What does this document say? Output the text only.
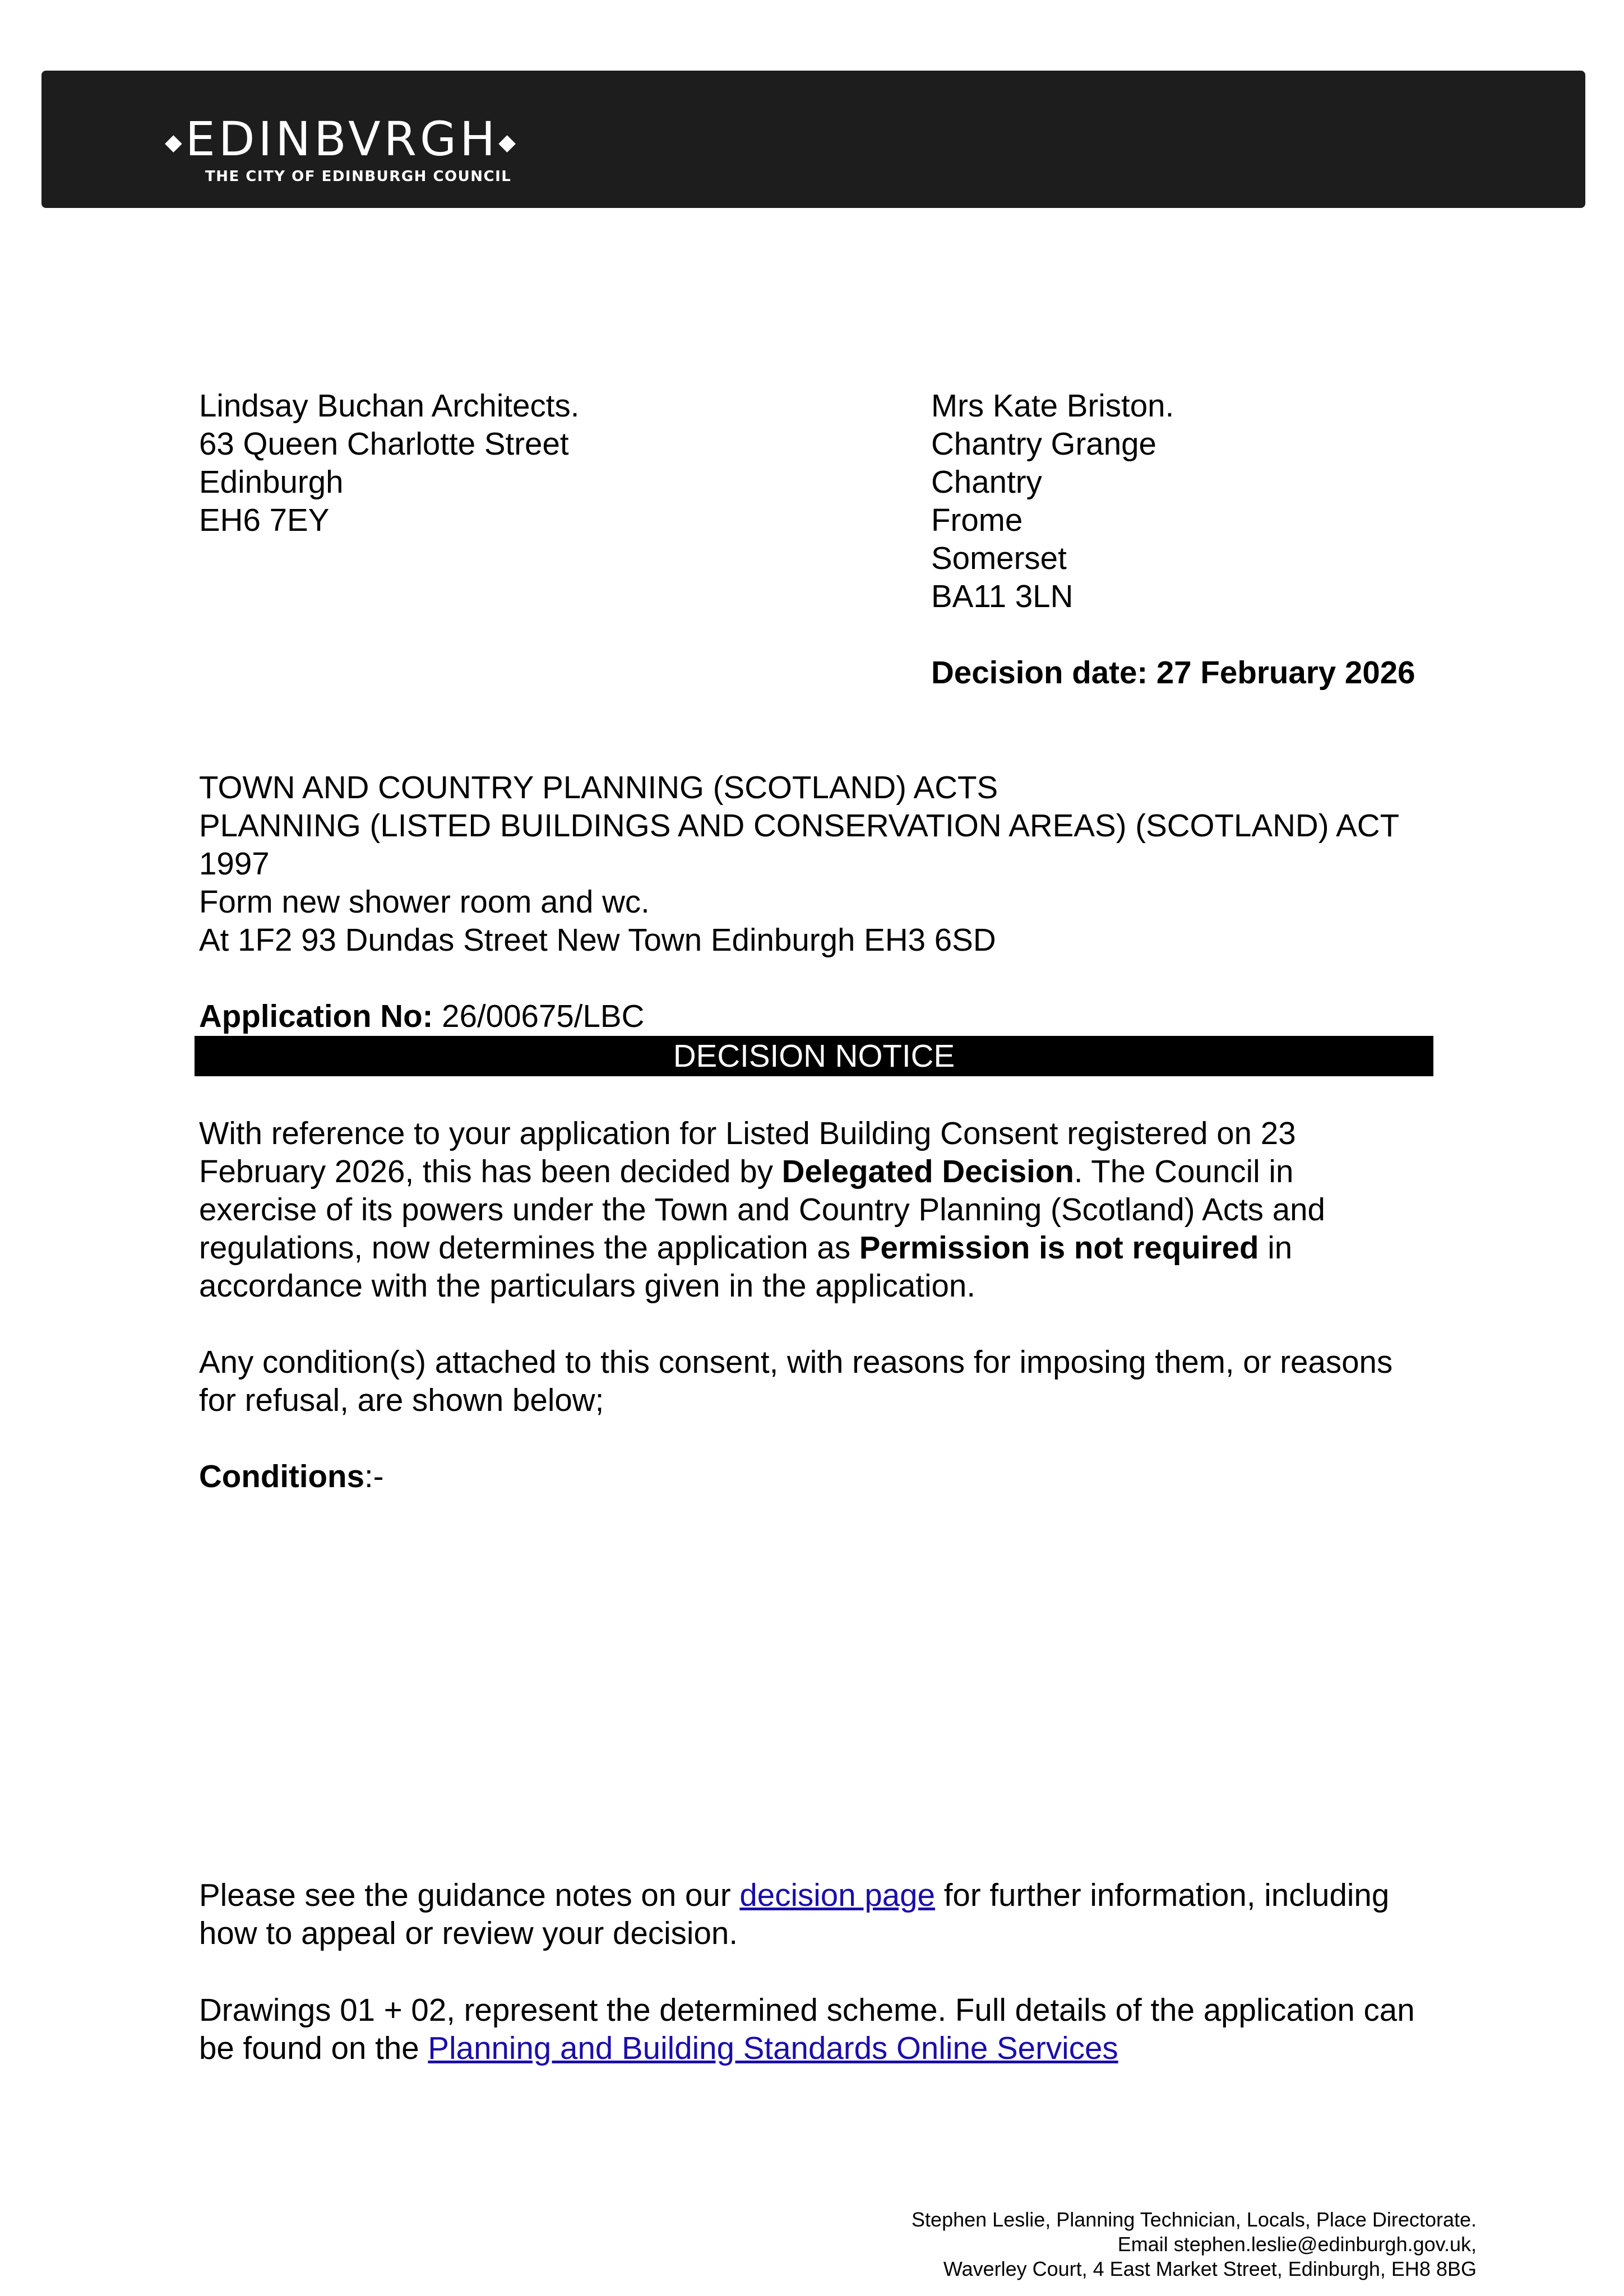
◆EDINBVRGH◆
THE CITY OF EDINBURGH COUNCIL
Lindsay Buchan Architects.
63 Queen Charlotte Street
Edinburgh
EH6 7EY
Mrs Kate Briston.
Chantry Grange
Chantry
Frome
Somerset
BA11 3LN
Decision date: 27 February 2026
TOWN AND COUNTRY PLANNING (SCOTLAND) ACTS
PLANNING (LISTED BUILDINGS AND CONSERVATION AREAS) (SCOTLAND) ACT
1997
Form new shower room and wc.
At 1F2 93 Dundas Street New Town Edinburgh EH3 6SD
Application No: 26/00675/LBC
DECISION NOTICE
With reference to your application for Listed Building Consent registered on 23
February 2026, this has been decided by Delegated Decision. The Council in
exercise of its powers under the Town and Country Planning (Scotland) Acts and
regulations, now determines the application as Permission is not required in
accordance with the particulars given in the application.
Any condition(s) attached to this consent, with reasons for imposing them, or reasons
for refusal, are shown below;
Conditions:-
Please see the guidance notes on our decision page for further information, including
how to appeal or review your decision.
Drawings 01 + 02, represent the determined scheme. Full details of the application can
be found on the Planning and Building Standards Online Services
Stephen Leslie, Planning Technician, Locals, Place Directorate.
Email stephen.leslie@edinburgh.gov.uk,
Waverley Court, 4 East Market Street, Edinburgh, EH8 8BG
